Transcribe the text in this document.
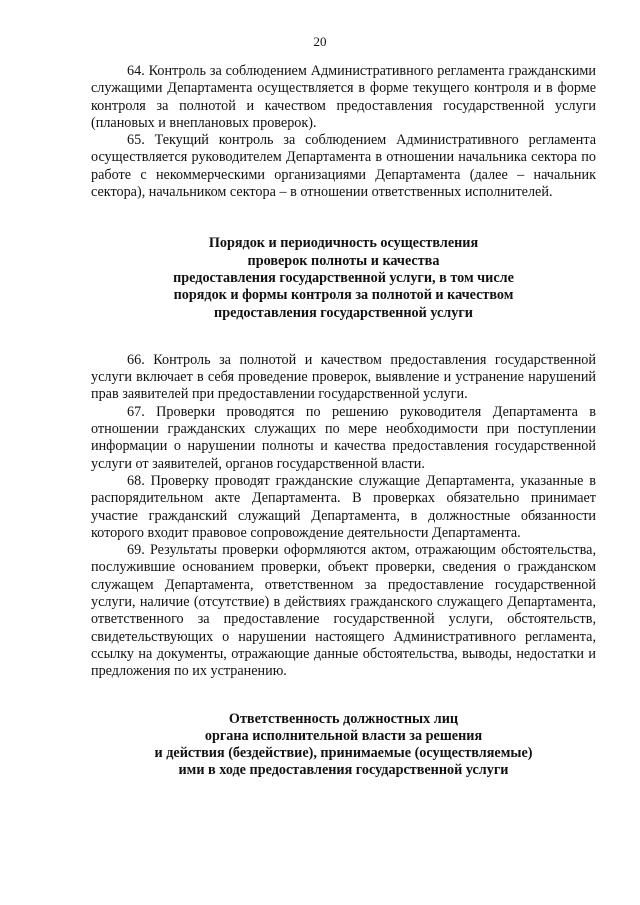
20

64. Контроль за соблюдением Административного регламента гражданскими служащими Департамента осуществляется в форме текущего контроля и в форме контроля за полнотой и качеством предоставления государственной услуги (плановых и внеплановых проверок).

65. Текущий контроль за соблюдением Административного регламента осуществляется руководителем Департамента в отношении начальника сектора по работе с некоммерческими организациями Департамента (далее – начальник сектора), начальником сектора – в отношении ответственных исполнителей.

Порядок и периодичность осуществления
проверок полноты и качества
предоставления государственной услуги, в том числе
порядок и формы контроля за полнотой и качеством
предоставления государственной услуги

66. Контроль за полнотой и качеством предоставления государственной услуги включает в себя проведение проверок, выявление и устранение нарушений прав заявителей при предоставлении государственной услуги.

67. Проверки проводятся по решению руководителя Департамента в отношении гражданских служащих по мере необходимости при поступлении информации о нарушении полноты и качества предоставления государственной услуги от заявителей, органов государственной власти.

68. Проверку проводят гражданские служащие Департамента, указанные в распорядительном акте Департамента. В проверках обязательно принимает участие гражданский служащий Департамента, в должностные обязанности которого входит правовое сопровождение деятельности Департамента.

69. Результаты проверки оформляются актом, отражающим обстоятельства, послужившие основанием проверки, объект проверки, сведения о гражданском служащем Департамента, ответственном за предоставление государственной услуги, наличие (отсутствие) в действиях гражданского служащего Департамента, ответственного за предоставление государственной услуги, обстоятельств, свидетельствующих о нарушении настоящего Административного регламента, ссылку на документы, отражающие данные обстоятельства, выводы, недостатки и предложения по их устранению.

Ответственность должностных лиц
органа исполнительной власти за решения
и действия (бездействие), принимаемые (осуществляемые)
ими в ходе предоставления государственной услуги
